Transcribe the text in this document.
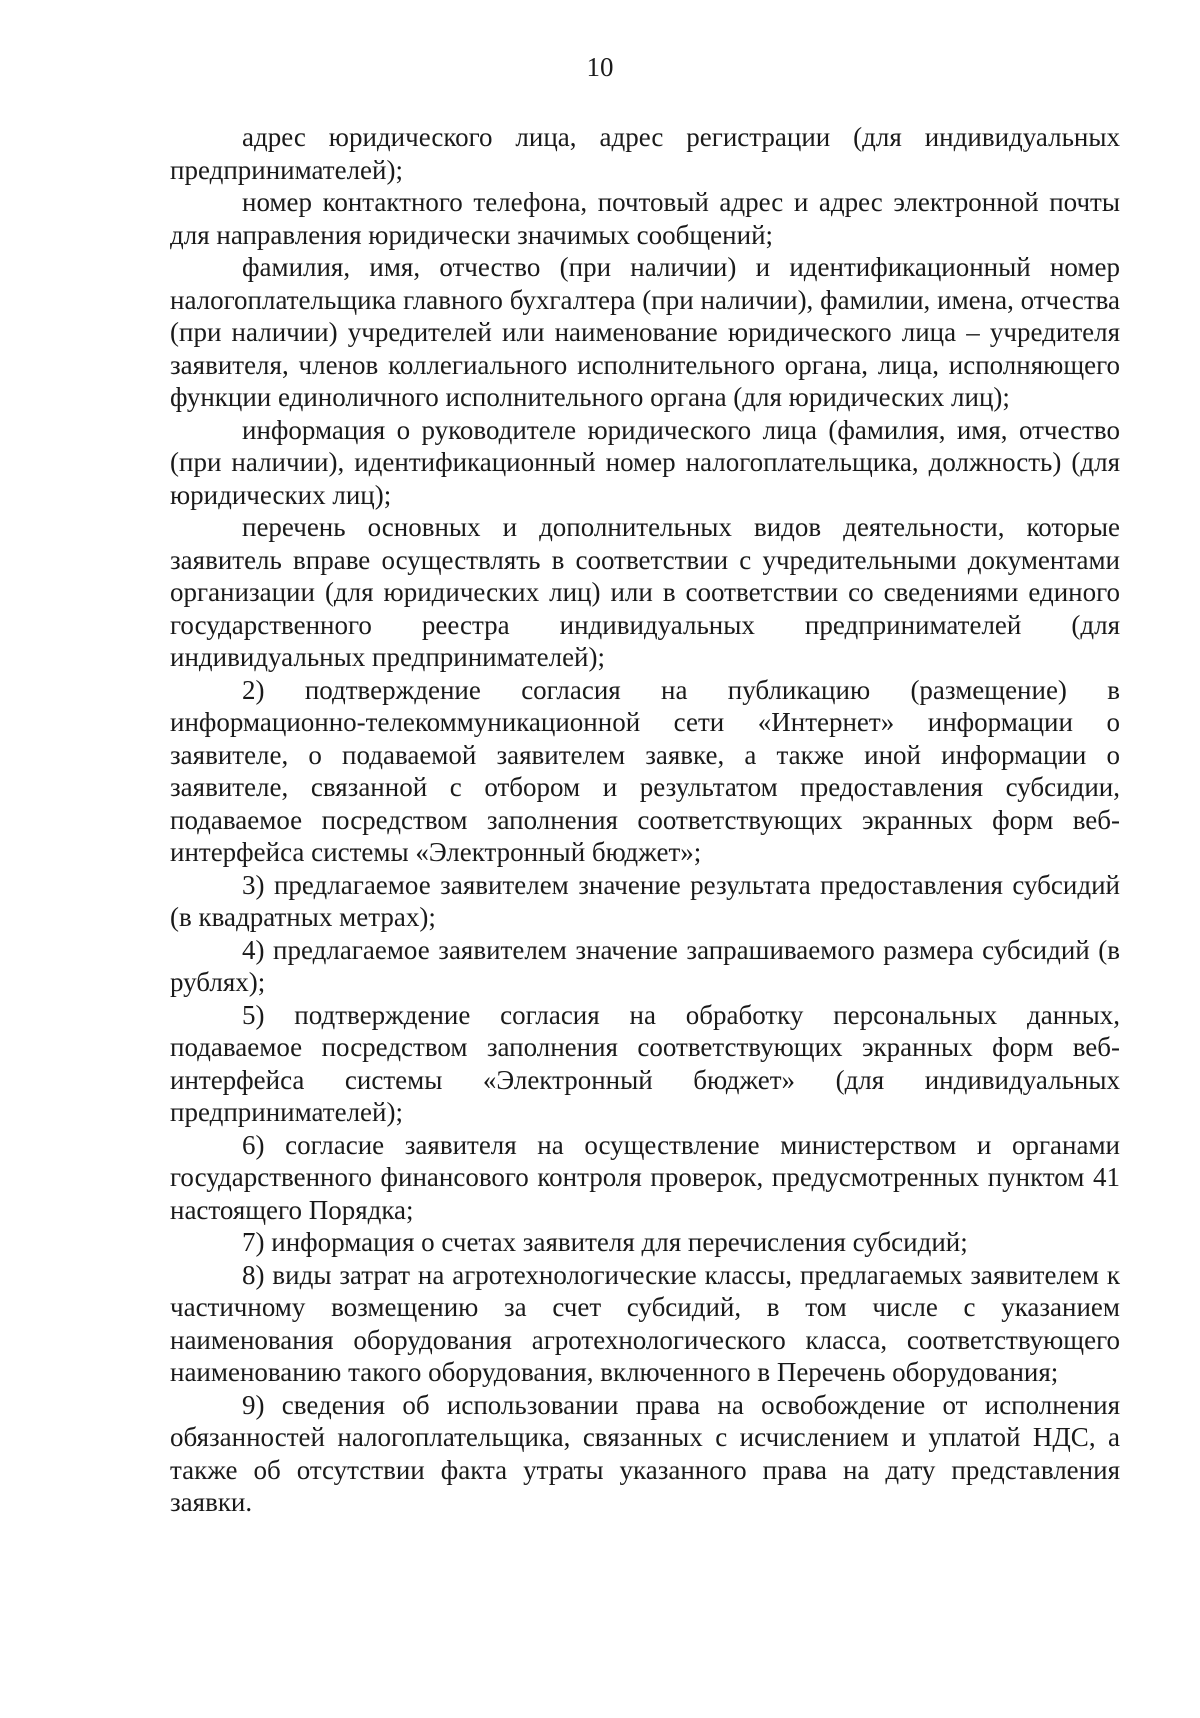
10

адрес юридического лица, адрес регистрации (для индивидуальных предпринимателей);

номер контактного телефона, почтовый адрес и адрес электронной почты для направления юридически значимых сообщений;

фамилия, имя, отчество (при наличии) и идентификационный номер налогоплательщика главного бухгалтера (при наличии), фамилии, имена, отчества (при наличии) учредителей или наименование юридического лица – учредителя заявителя, членов коллегиального исполнительного органа, лица, исполняющего функции единоличного исполнительного органа (для юридических лиц);

информация о руководителе юридического лица (фамилия, имя, отчество (при наличии), идентификационный номер налогоплательщика, должность) (для юридических лиц);

перечень основных и дополнительных видов деятельности, которые заявитель вправе осуществлять в соответствии с учредительными документами организации (для юридических лиц) или в соответствии со сведениями единого государственного реестра индивидуальных предпринимателей (для индивидуальных предпринимателей);

2) подтверждение согласия на публикацию (размещение) в информационно-телекоммуникационной сети «Интернет» информации о заявителе, о подаваемой заявителем заявке, а также иной информации о заявителе, связанной с отбором и результатом предоставления субсидии, подаваемое посредством заполнения соответствующих экранных форм веб-интерфейса системы «Электронный бюджет»;

3) предлагаемое заявителем значение результата предоставления субсидий (в квадратных метрах);

4) предлагаемое заявителем значение запрашиваемого размера субсидий (в рублях);

5) подтверждение согласия на обработку персональных данных, подаваемое посредством заполнения соответствующих экранных форм веб-интерфейса системы «Электронный бюджет» (для индивидуальных предпринимателей);

6) согласие заявителя на осуществление министерством и органами государственного финансового контроля проверок, предусмотренных пунктом 41 настоящего Порядка;

7) информация о счетах заявителя для перечисления субсидий;

8) виды затрат на агротехнологические классы, предлагаемых заявителем к частичному возмещению за счет субсидий, в том числе с указанием наименования оборудования агротехнологического класса, соответствующего наименованию такого оборудования, включенного в Перечень оборудования;

9) сведения об использовании права на освобождение от исполнения обязанностей налогоплательщика, связанных с исчислением и уплатой НДС, а также об отсутствии факта утраты указанного права на дату представления заявки.
